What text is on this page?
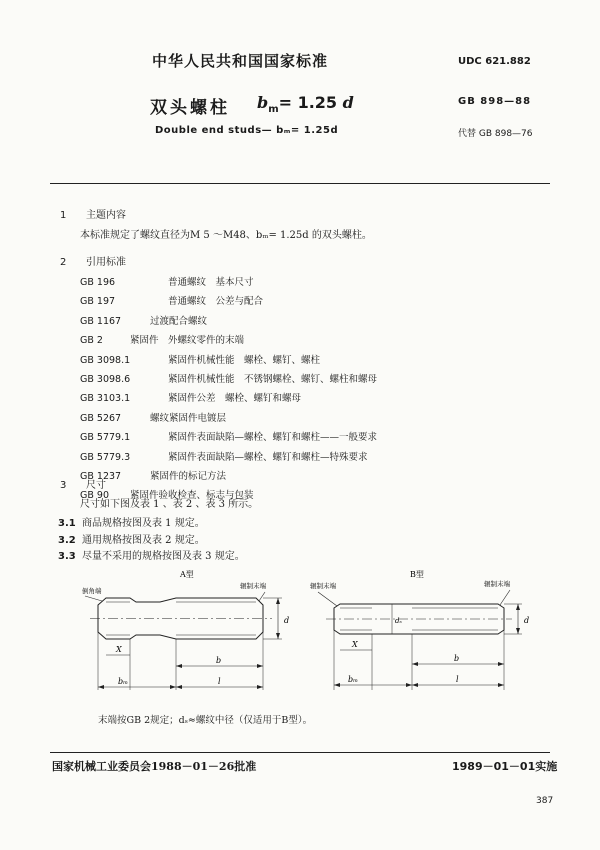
中华人民共和国国家标准	UDC 621.882
双头螺柱 $b_m= 1.25$ d	GB 898—88
Double end studs— bₘ= 1.25d	代替 GB 898—76
1 主题内容
本标准规定了螺纹直径为M 5 ～M48、bₘ= 1.25d 的双头螺柱。
2 引用标准
GB 196	普通螺纹　基本尺寸
GB 197	普通螺纹　公差与配合
GB 1167	过渡配合螺纹
GB 2	紧固件　外螺纹零件的末端
GB 3098.1	紧固件机械性能　螺栓、螺钉、螺柱
GB 3098.6	紧固件机械性能　不锈钢螺栓、螺钉、螺柱和螺母
GB 3103.1	紧固件公差　螺栓、螺钉和螺母
GB 5267	螺纹紧固件电镀层
GB 5779.1	紧固件表面缺陷—螺栓、螺钉和螺柱——一般要求
GB 5779.3	紧固件表面缺陷—螺栓、螺钉和螺柱—特殊要求
GB 1237	紧固件的标记方法
GB 90 紧固件验收检查、标志与包装
3 尺寸
尺寸如下图及表 1 、表 2 、表 3 所示。
3.1 商品规格按图及表 1 规定。
3.2 通用规格按图及表 2 规定。
3.3 尽量不采用的规格按图及表 3 规定。
A型
倒角端
辗制末端
d
X
b
bₘ	l
B型
辗制末端	辗制末端
dₛ	d
X
b
bₘ	l
末端按GB 2规定；dₛ≈螺纹中径（仅适用于B型）。
国家机械工业委员会1988－01－26批准	1989－01－01实施
387
